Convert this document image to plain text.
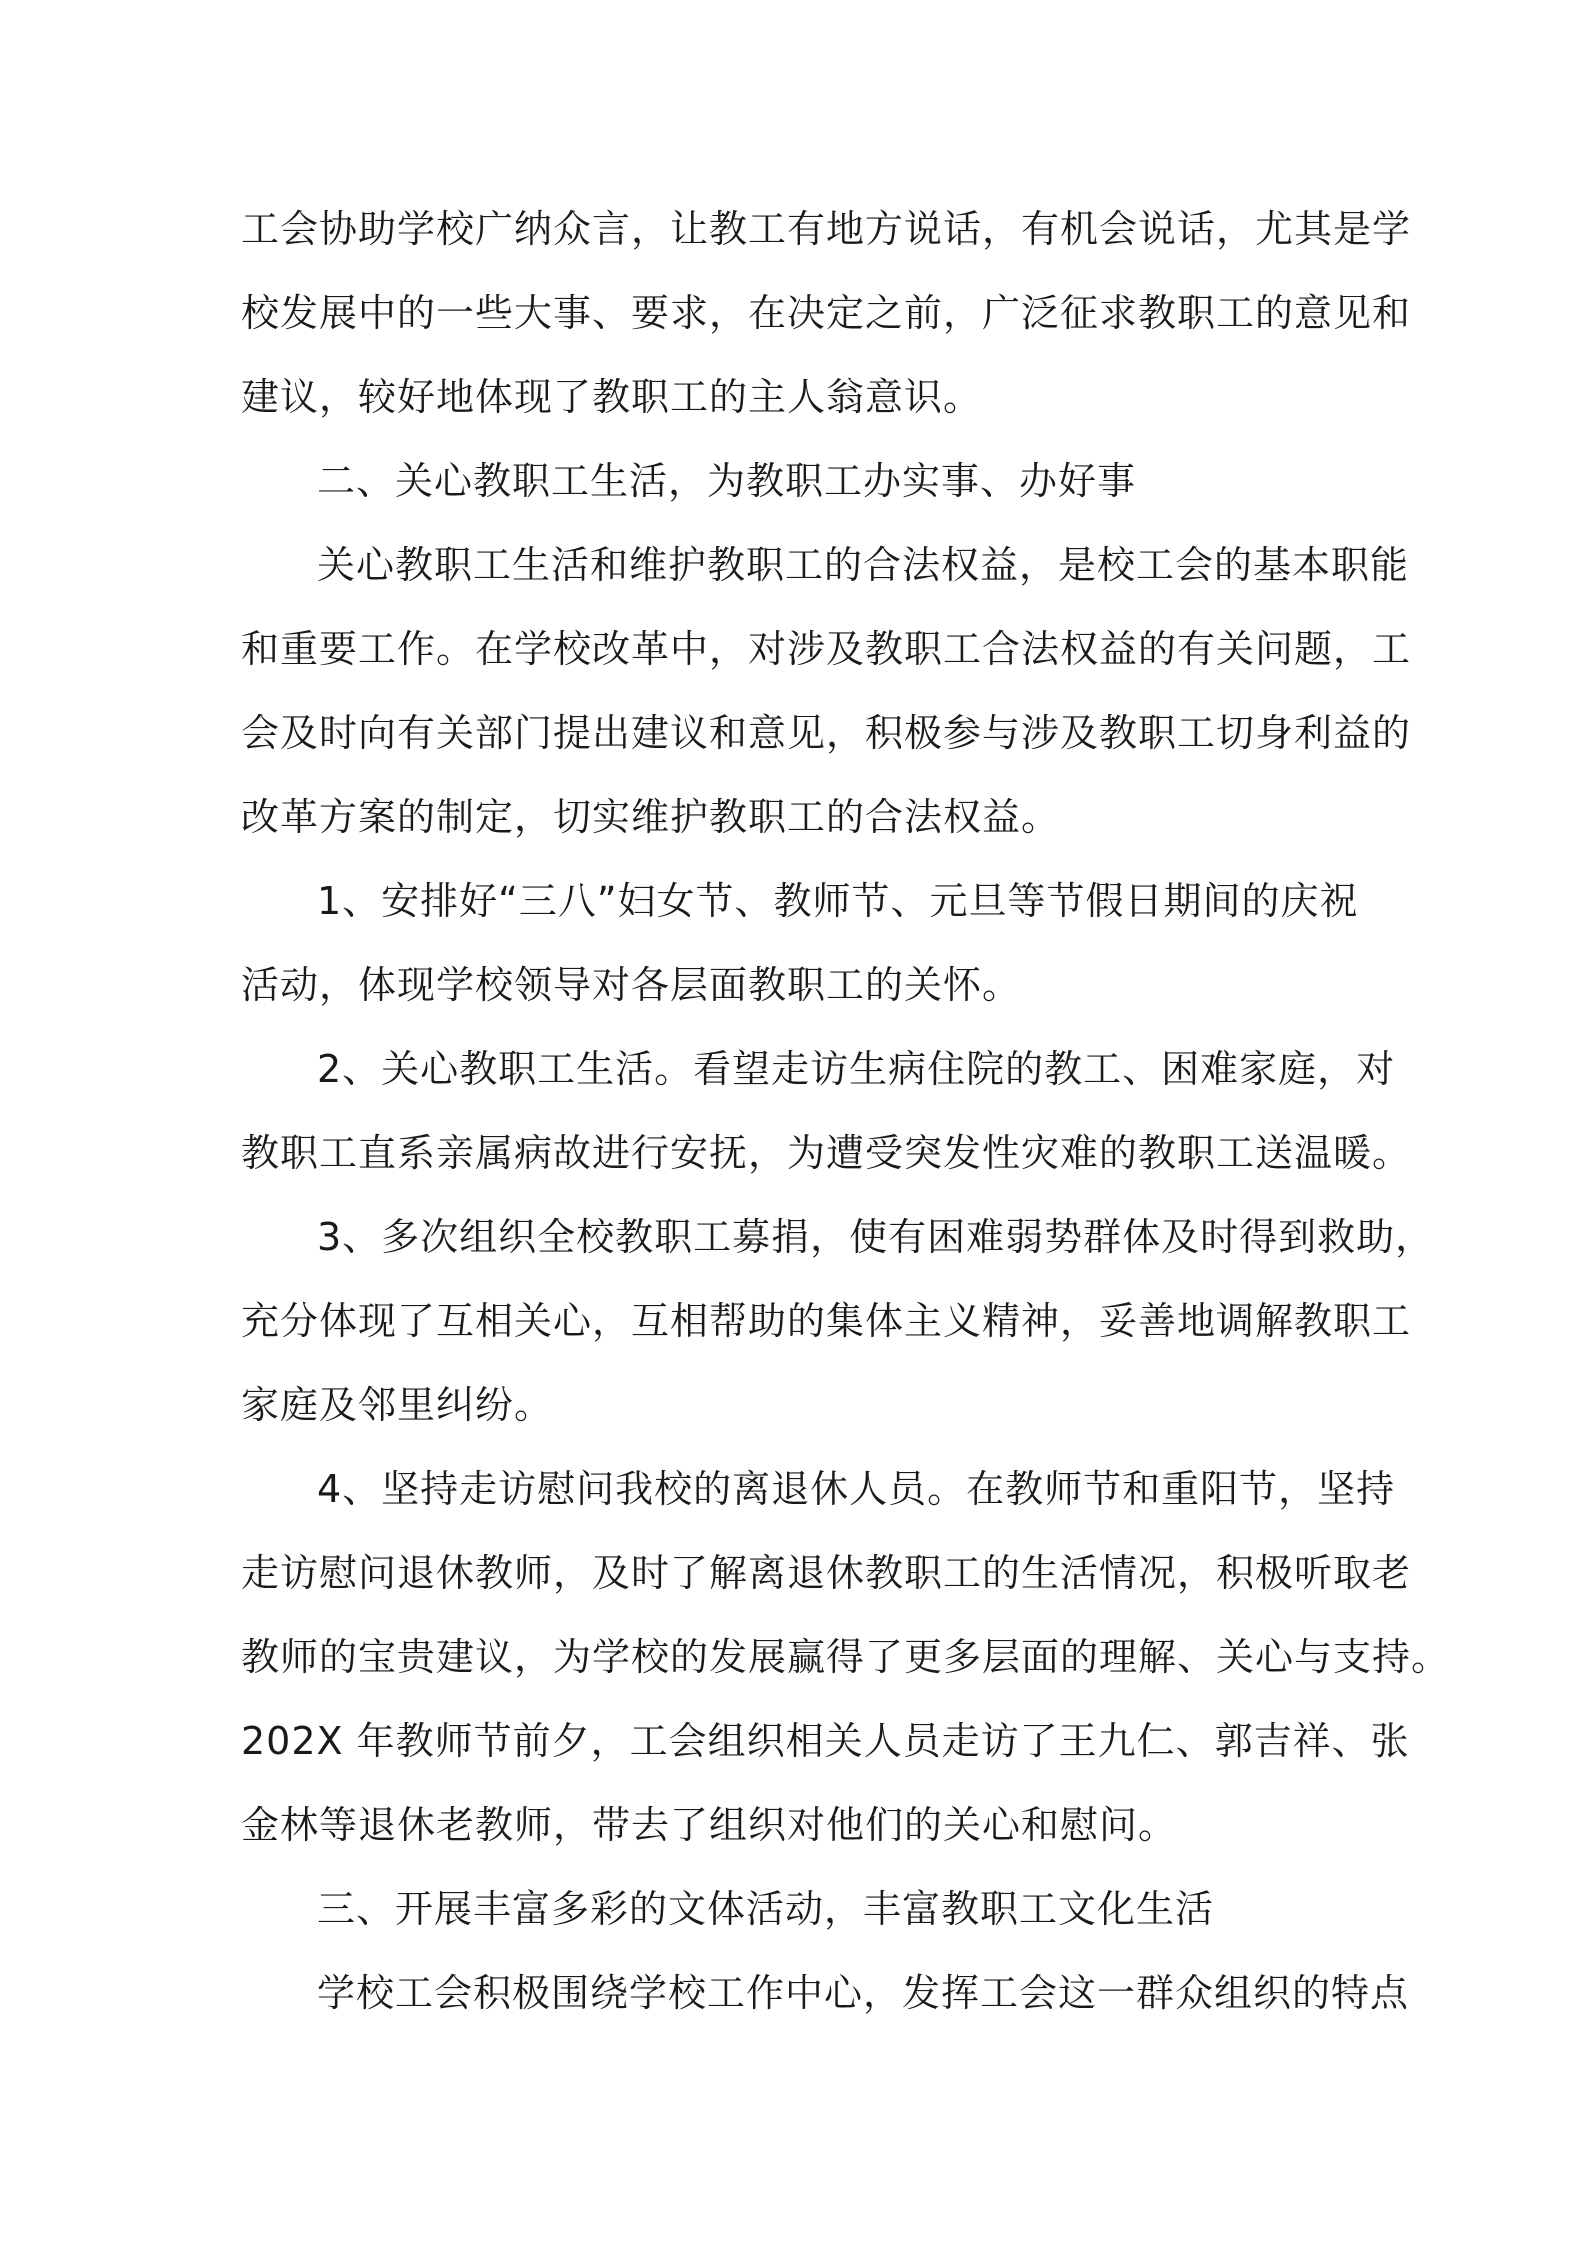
工会协助学校广纳众言，让教工有地方说话，有机会说话，尤其是学
校发展中的一些大事、要求，在决定之前，广泛征求教职工的意见和
建议，较好地体现了教职工的主人翁意识。
二、关心教职工生活，为教职工办实事、办好事
关心教职工生活和维护教职工的合法权益，是校工会的基本职能
和重要工作。在学校改革中，对涉及教职工合法权益的有关问题，工
会及时向有关部门提出建议和意见，积极参与涉及教职工切身利益的
改革方案的制定，切实维护教职工的合法权益。
1、安排好“三八”妇女节、教师节、元旦等节假日期间的庆祝
活动，体现学校领导对各层面教职工的关怀。
2、关心教职工生活。看望走访生病住院的教工、困难家庭，对
教职工直系亲属病故进行安抚，为遭受突发性灾难的教职工送温暖。
3、多次组织全校教职工募捐，使有困难弱势群体及时得到救助，
充分体现了互相关心，互相帮助的集体主义精神，妥善地调解教职工
家庭及邻里纠纷。
4、坚持走访慰问我校的离退休人员。在教师节和重阳节，坚持
走访慰问退休教师，及时了解离退休教职工的生活情况，积极听取老
教师的宝贵建议，为学校的发展赢得了更多层面的理解、关心与支持。
202X 年教师节前夕，工会组织相关人员走访了王九仁、郭吉祥、张
金林等退休老教师，带去了组织对他们的关心和慰问。
三、开展丰富多彩的文体活动，丰富教职工文化生活
学校工会积极围绕学校工作中心，发挥工会这一群众组织的特点
